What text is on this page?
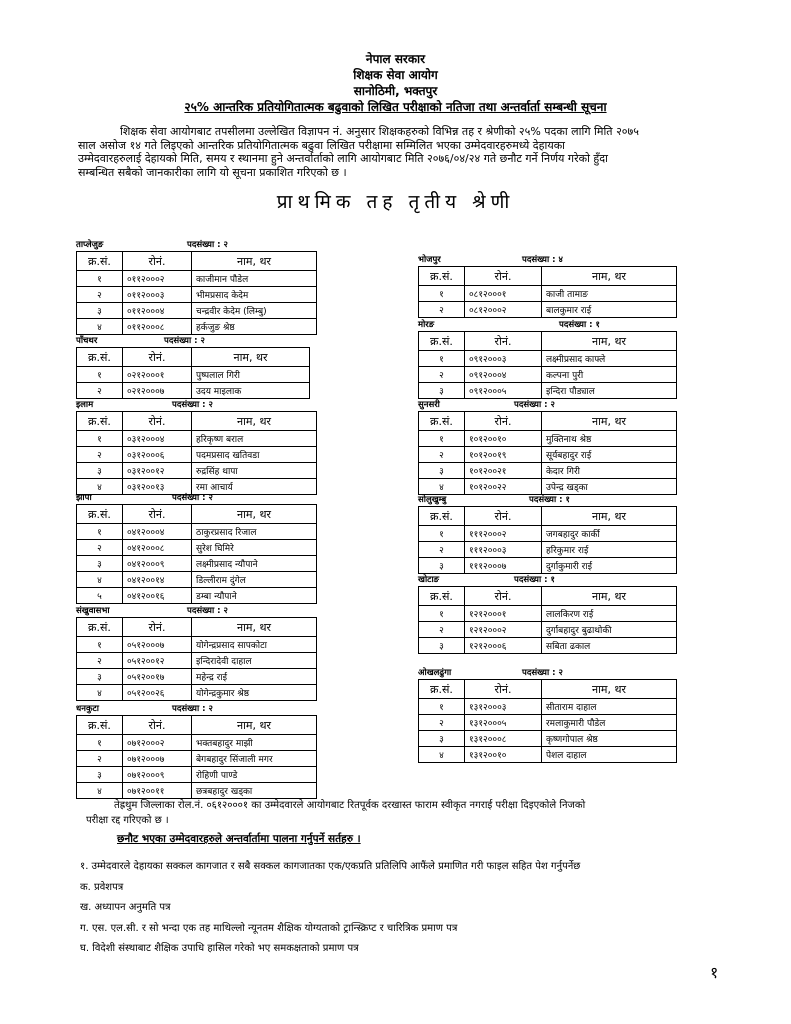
नेपाल सरकार
शिक्षक सेवा आयोग
सानोठिमी, भक्तपुर
२५% आन्तरिक प्रतियोगितात्मक बढुवाको लिखित परीक्षाको नतिजा तथा अन्तर्वार्ता सम्बन्धी सूचना
शिक्षक सेवा आयोगबाट तपसीलमा उल्लेखित विज्ञापन नं. अनुसार शिक्षकहरुको विभिन्न तह र श्रेणीको २५% पदका लागि मिति २०७५
साल असोज १४ गते लिइएको आन्तरिक प्रतियोगितात्मक बढुवा लिखित परीक्षामा सम्मिलित भएका उम्मेदवारहरुमध्ये देहायका
उम्मेदवारहरुलाई देहायको मिति, समय र स्थानमा हुने अन्तर्वार्ताको लागि आयोगबाट मिति २०७६/०४/२४ गते छनौट गर्ने निर्णय गरेको हुँदा
सम्बन्धित सबैको जानकारीका लागि यो सूचना प्रकाशित गरिएको छ ।
प्राथमिक तह तृतीय श्रेणी
ताप्लेजुङ	पदसंख्या : २
क्र.सं.	रोनं.	नाम, थर
१	०११२०००२	काजीमान पौडेल
२	०११२०००३	भीमप्रसाद केदेम
३	०११२०००४	चन्द्रवीर केदेम (लिम्बु)
४	०११२०००८	हर्कजुङ श्रेष्ठ
पाँचथर	पदसंख्या : २
क्र.सं.	रोनं.	नाम, थर
१	०२१२०००१	पुष्पलाल गिरी
२	०२१२०००७	उदय माइलाक
इलाम	पदसंख्या : २
क्र.सं.	रोनं.	नाम, थर
१	०३१२०००४	हरिकृष्ण बराल
२	०३१२०००६	पदमप्रसाद खतिवडा
३	०३१२००१२	रुद्रसिंह थापा
४	०३१२००१३	रमा आचार्य
झापा	पदसंख्या : २
क्र.सं.	रोनं.	नाम, थर
१	०४१२०००४	ठाकुरप्रसाद रिजाल
२	०४१२०००८	सुरेश घिमिरे
३	०४१२०००९	लक्ष्मीप्रसाद न्यौपाने
४	०४१२००१४	डिल्लीराम दुंगेल
५	०४१२००१६	डम्बा न्यौपाने
संखुवासभा	पदसंख्या : २
क्र.सं.	रोनं.	नाम, थर
१	०५१२०००७	योगेन्द्रप्रसाद सापकोटा
२	०५१२००१२	इन्दिरादेवी दाहाल
३	०५१२००१७	महेन्द्र राई
४	०५१२००२६	योगेन्द्रकुमार श्रेष्ठ
धनकुटा	पदसंख्या : २
क्र.सं.	रोनं.	नाम, थर
१	०७१२०००२	भक्तबहादुर माझी
२	०७१२०००७	बेगबहादुर सिंजाली मगर
३	०७१२०००९	रोहिणी पाण्डे
४	०७१२००११	छत्रबहादुर खड्का
भोजपुर	पदसंख्या : ४
क्र.सं.	रोनं.	नाम, थर
१	०८१२०००१	काजी तामाङ
२	०८१२०००२	बालकुमार राई
मोरङ	पदसंख्या : १
क्र.सं.	रोनं.	नाम, थर
१	०९१२०००३	लक्ष्मीप्रसाद काफ्ले
२	०९१२०००४	कल्पना पुरी
३	०९१२०००५	इन्दिरा पौड्याल
सुनसरी	पदसंख्या : २
क्र.सं.	रोनं.	नाम, थर
१	१०१२००१०	मुक्तिनाथ श्रेष्ठ
२	१०१२००१९	सूर्यबहादुर राई
३	१०१२००२१	केदार गिरी
४	१०१२००२२	उपेन्द्र खड्का
सोलुखुम्बु	पदसंख्या : १
क्र.सं.	रोनं.	नाम, थर
१	१११२०००२	जगबहादुर कार्की
२	१११२०००३	हरिकुमार राई
३	१११२०००७	दुर्गाकुमारी राई
खोटाङ	पदसंख्या : १
क्र.सं.	रोनं.	नाम, थर
१	१२१२०००१	लालकिरण राई
२	१२१२०००२	दुर्गाबहादुर बुढाथोकी
३	१२१२०००६	सबिता ढकाल
ओखलढुंगा	पदसंख्या : २
क्र.सं.	रोनं.	नाम, थर
१	१३१२०००३	सीताराम दाहाल
२	१३१२०००५	रमलाकुमारी पौडेल
३	१३१२०००८	कृष्णगोपाल श्रेष्ठ
४	१३१२००१०	पेशल दाहाल
तेह्रथुम जिल्लाका रोल.नं. ०६१२०००१ का उम्मेदवारले आयोगबाट रितपूर्वक दरखास्त फाराम स्वीकृत नगराई परीक्षा दिइएकोले निजको
परीक्षा रद्द गरिएको छ ।
छनौट भएका उम्मेदवारहरुले अन्तर्वार्तामा पालना गर्नुपर्ने सर्तहरु ।
१. उम्मेदवारले देहायका सक्कल कागजात र सबै सक्कल कागजातका एक/एकप्रति प्रतिलिपि आफैंले प्रमाणित गरी फाइल सहित पेश गर्नुपर्नेछ
क. प्रवेशपत्र
ख. अध्यापन अनुमति पत्र
ग. एस. एल.सी. र सो भन्दा एक तह माथिल्लो न्यूनतम शैक्षिक योग्यताको ट्रान्स्क्रिप्ट र चारित्रिक प्रमाण पत्र
घ. विदेशी संस्थाबाट शैक्षिक उपाधि हासिल गरेको भए समकक्षताको प्रमाण पत्र
१
